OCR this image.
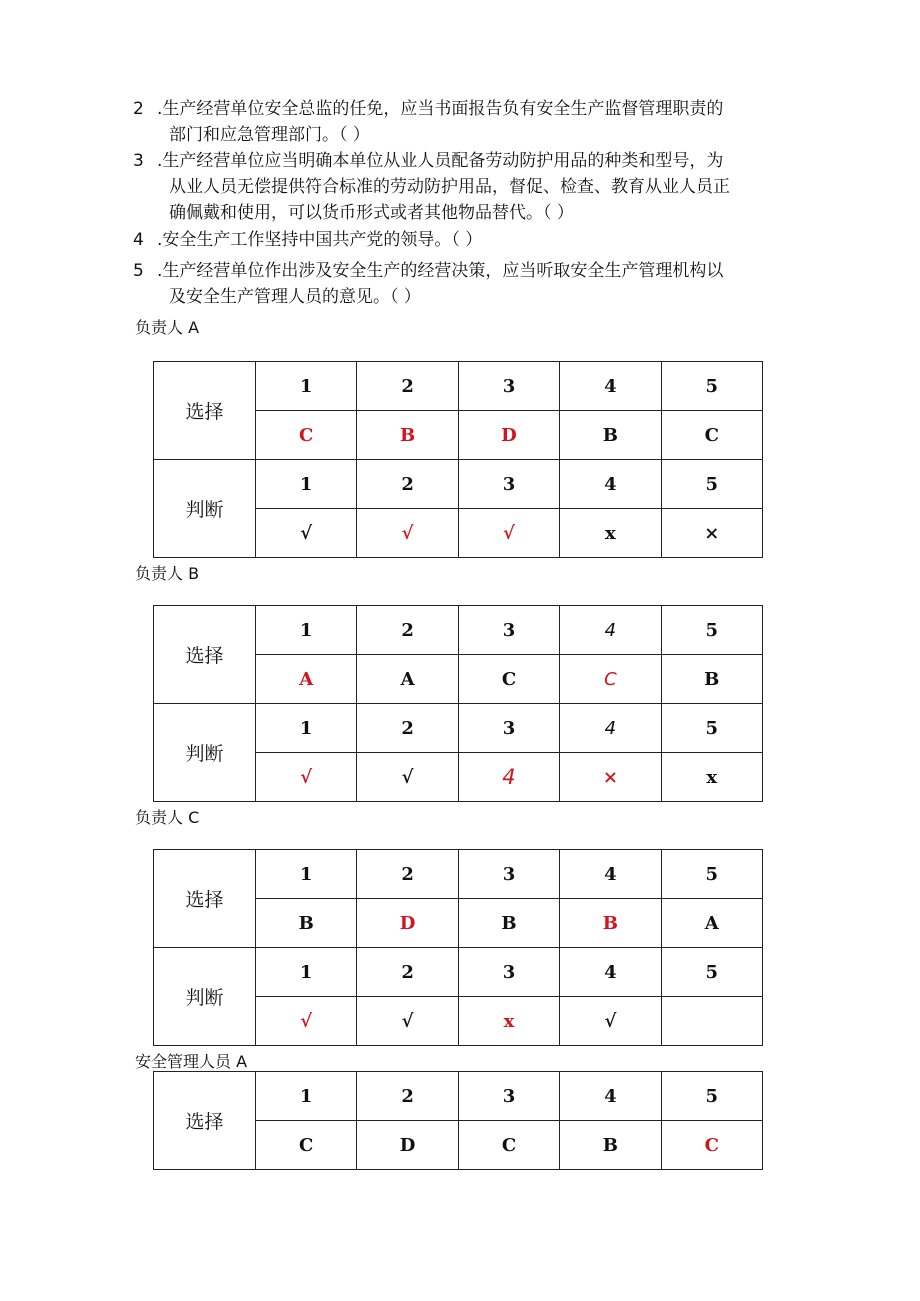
2 .生产经营单位安全总监的任免，应当书面报告负有安全生产监督管理职责的
部门和应急管理部门。（ ）
3 .生产经营单位应当明确本单位从业人员配备劳动防护用品的种类和型号，为
从业人员无偿提供符合标准的劳动防护用品，督促、检查、教育从业人员正
确佩戴和使用，可以货币形式或者其他物品替代。（ ）
4 .安全生产工作坚持中国共产党的领导。（ ）
5 .生产经营单位作出涉及安全生产的经营决策，应当听取安全生产管理机构以
及安全生产管理人员的意见。（ ）
负责人 A
选择	1	2	3	4	5
	C	B	D	B	C
判断	1	2	3	4	5
	√	√	√	x	×
负责人 B
选择	1	2	3	4	5
	A	A	C	C	B
判断	1	2	3	4	5
	√	√	4	×	x
负责人 C
选择	1	2	3	4	5
	B	D	B	B	A
判断	1	2	3	4	5
	√	√	x	√	
安全管理人员 A
选择	1	2	3	4	5
	C	D	C	B	C
